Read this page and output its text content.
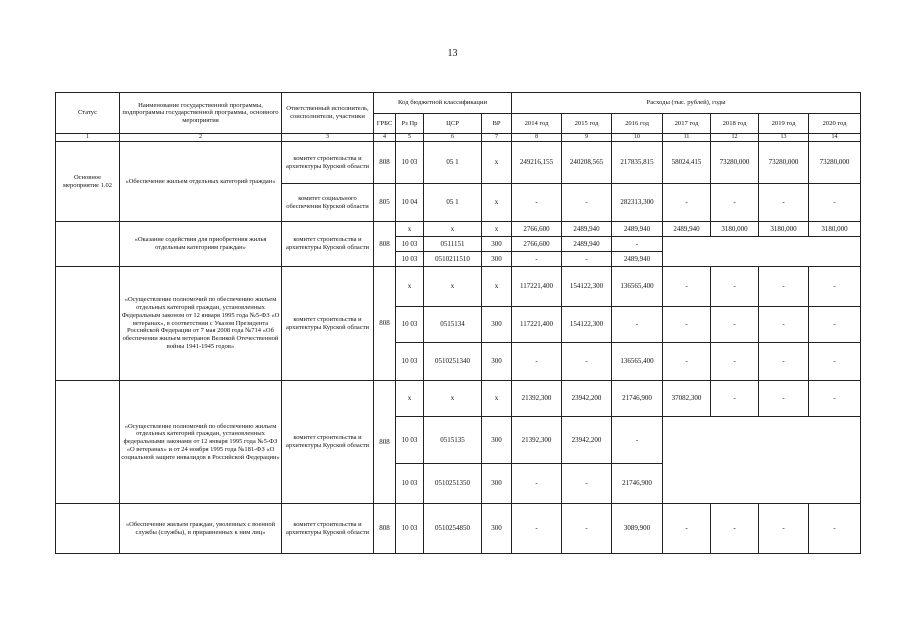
13
Статус	Наименование государственной программы, подпрограммы государственной программы, основного мероприятия	Ответственный исполнитель, соисполнители, участники	Код бюджетной классификации				Расходы (тыс. рублей), годы						
			ГРБС	Рз Пр	ЦСР	ВР	2014 год	2015 год	2016 год	2017 год	2018 год	2019 год	2020 год
1	2	3	4	5	6	7	8	9	10	11	12	13	14
Основное мероприятие 1.02	«Обеспечение жильем отдельных категорий граждан»	комитет строительства и архитектуры Курской области	808	10 03	05 1	х	249216,155	240208,565	217835,815	58024,415	73280,000	73280,000	73280,000
		комитет социального обеспечения Курской области	805	10 04	05 1	х	-	-	282313,300	-	-	-	-
	«Оказание содействия для приобретения жилья отдельным категориям граждан»	комитет строительства и архитектуры Курской области	808	х	х	х	2766,600	2489,940	2489,940	2489,940	3180,000	3180,000	3180,000
				10 03	0511151	300	2766,600	2489,940	-				
				10 03	0510211510	300	-	-	2489,940				
	«Осуществление полномочий по обеспечению жильем отдельных категорий граждан, установленных Федеральным законом от 12 января 1995 года №5-ФЗ «О ветеранах», в соответствии с Указом Президента Российской Федерации от 7 мая 2008 года №714 «Об обеспечении жильем ветеранов Великой Отечественной войны 1941-1945 годов»	комитет строительства и архитектуры Курской области	808	х	х	х	117221,400	154122,300	136565,400	-	-	-	-
				10 03	0515134	300	117221,400	154122,300	-	-	-	-	-
				10 03	0510251340	300	-	-	136565,400	-	-	-	-
	«Осуществление полномочий по обеспечению жильем отдельных категорий граждан, установленных федеральными законами от 12 января 1995 года №5-ФЗ «О ветеранах» и от 24 ноября 1995 года №181-ФЗ «О социальной защите инвалидов в Российской Федерации»	комитет строительства и архитектуры Курской области	808	х	х	х	21392,300	23942,200	21746,900	37082,300	-	-	-
				10 03	0515135	300	21392,300	23942,200	-				
				10 03	0510251350	300	-	-	21746,900				
	«Обеспечение жильем граждан, уволенных с военной службы (службы), и приравненных к ним лиц»	комитет строительства и архитектуры Курской области	808	10 03	0510254850	300	-	-	3089,900	-	-	-	-
